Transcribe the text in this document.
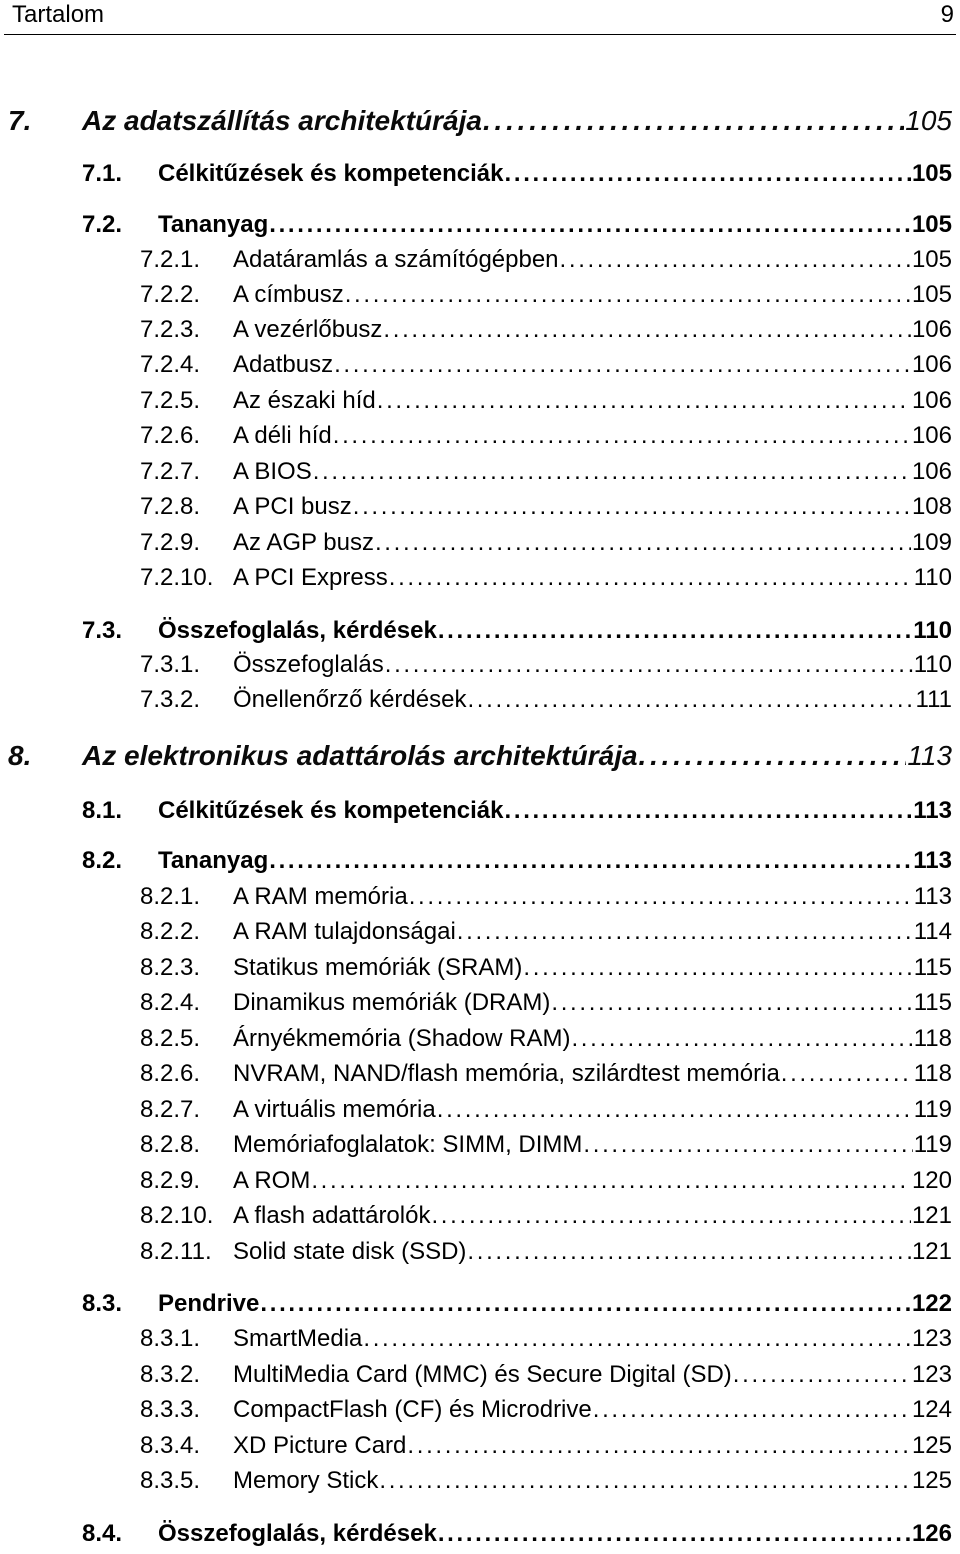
Tartalom	9
7.	Az adatszállítás architektúrája . . .	105
7.1.	Célkitűzések és kompetenciák . . .	105
7.2.	Tananyag . . .	105
7.2.1.	Adatáramlás a számítógépben . . .	105
7.2.2.	A címbusz . . .	105
7.2.3.	A vezérlőbusz . . .	106
7.2.4.	Adatbusz . . .	106
7.2.5.	Az északi híd . . .	106
7.2.6.	A déli híd . . .	106
7.2.7.	A BIOS . . .	106
7.2.8.	A PCI busz . . .	108
7.2.9.	Az AGP busz . . .	109
7.2.10. A PCI Express . . .	110
7.3.	Összefoglalás, kérdések . . .	110
7.3.1.	Összefoglalás . . .	110
7.3.2.	Önellenőrző kérdések . . .	111
8.	Az elektronikus adattárolás architektúrája . . .	113
8.1.	Célkitűzések és kompetenciák . . .	113
8.2.	Tananyag . . .	113
8.2.1.	A RAM memória . . .	113
8.2.2.	A RAM tulajdonságai . . .	114
8.2.3.	Statikus memóriák (SRAM) . . .	115
8.2.4.	Dinamikus memóriák (DRAM) . . .	115
8.2.5.	Árnyékmemória (Shadow RAM) . . .	118
8.2.6.	NVRAM, NAND/flash memória, szilárdtest memória . . .	118
8.2.7.	A virtuális memória . . .	119
8.2.8.	Memóriafoglalatok: SIMM, DIMM . . .	119
8.2.9.	A ROM . . .	120
8.2.10. A flash adattárolók . . .	121
8.2.11. Solid state disk (SSD) . . .	121
8.3.	Pendrive . . .	122
8.3.1.	SmartMedia . . .	123
8.3.2.	MultiMedia Card (MMC) és Secure Digital (SD) . . .	123
8.3.3.	CompactFlash (CF) és Microdrive . . .	124
8.3.4.	XD Picture Card . . .	125
8.3.5.	Memory Stick . . .	125
8.4.	Összefoglalás, kérdések . . .	126
